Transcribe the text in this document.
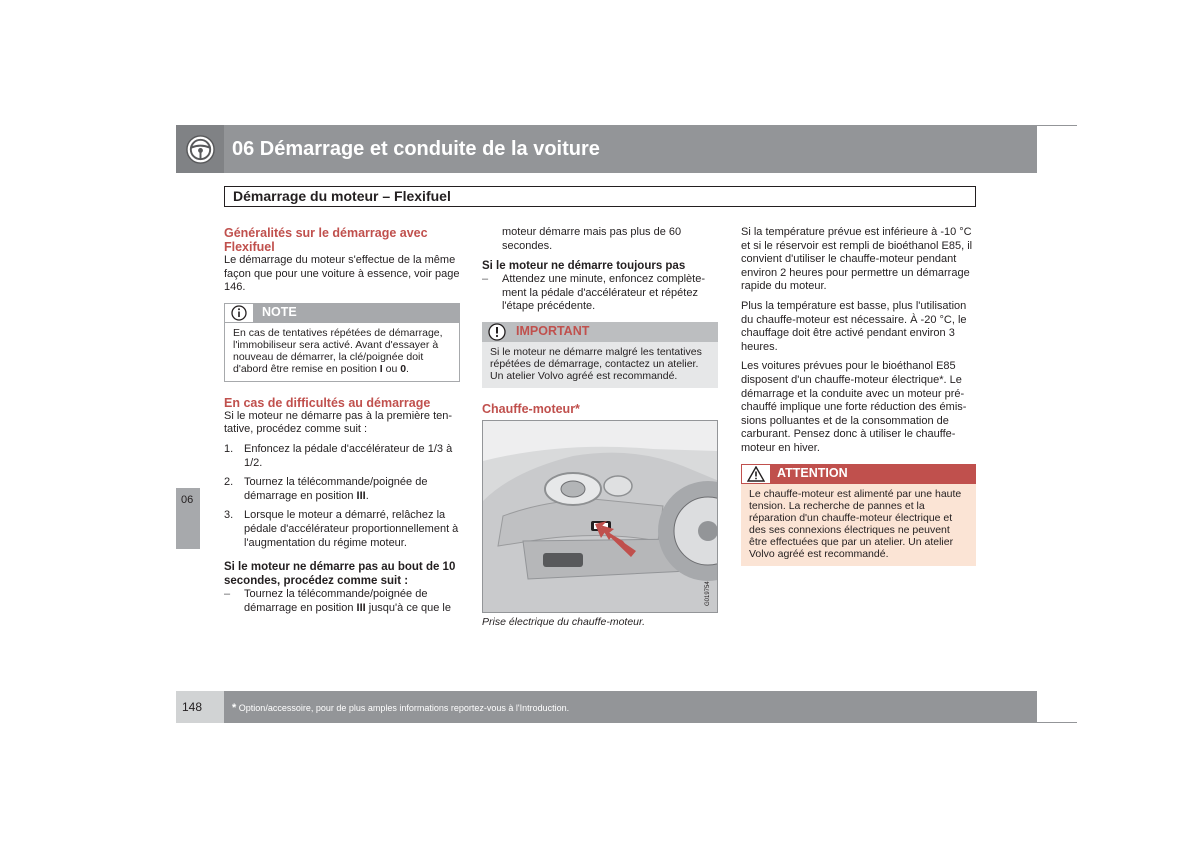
06 Démarrage et conduite de la voiture
Démarrage du moteur – Flexifuel
Généralités sur le démarrage avec Flexifuel

Le démarrage du moteur s'effectue de la même façon que pour une voiture à essence, voir page 146.

NOTE
En cas de tentatives répétées de démarrage, l'immobiliseur sera activé. Avant d'essayer à nouveau de démarrer, la clé/poignée doit d'abord être remise en position I ou 0.
En cas de difficultés au démarrage

Si le moteur ne démarre pas à la première tentative, procédez comme suit :

1. Enfoncez la pédale d'accélérateur de 1/3 à 1/2.
2. Tournez la télécommande/poignée de démarrage en position III.
3. Lorsque le moteur a démarré, relâchez la pédale d'accélérateur proportionnellement à l'augmentation du régime moteur.
Si le moteur ne démarre pas au bout de 10 secondes, procédez comme suit :
–	Tournez la télécommande/poignée de démarrage en position III jusqu'à ce que le

moteur démarre mais pas plus de 60 secondes.

Si le moteur ne démarre toujours pas
–	Attendez une minute, enfoncez complètement la pédale d'accélérateur et répétez l'étape précédente.
IMPORTANT
Si le moteur ne démarre malgré les tentatives répétées de démarrage, contactez un atelier. Un atelier Volvo agréé est recommandé.
Chauffe-moteur*
G019754
Prise électrique du chauffe-moteur.

Si la température prévue est inférieure à -10 °C et si le réservoir est rempli de bioéthanol E85, il convient d'utiliser le chauffe-moteur pendant environ 2 heures pour permettre un démarrage rapide du moteur.

Plus la température est basse, plus l'utilisation du chauffe-moteur est nécessaire. À -20 °C, le chauffage doit être activé pendant environ 3 heures.

Les voitures prévues pour le bioéthanol E85 disposent d'un chauffe-moteur électrique*. Le démarrage et la conduite avec un moteur préchauffé implique une forte réduction des émissions polluantes et de la consommation de carburant. Pensez donc à utiliser le chauffe-moteur en hiver.

ATTENTION
Le chauffe-moteur est alimenté par une haute tension. La recherche de pannes et la réparation d'un chauffe-moteur électrique et des ses connexions électriques ne peuvent être effectuées que par un atelier. Un atelier Volvo agréé est recommandé.
06
148	* Option/accessoire, pour de plus amples informations reportez-vous à l'Introduction.
